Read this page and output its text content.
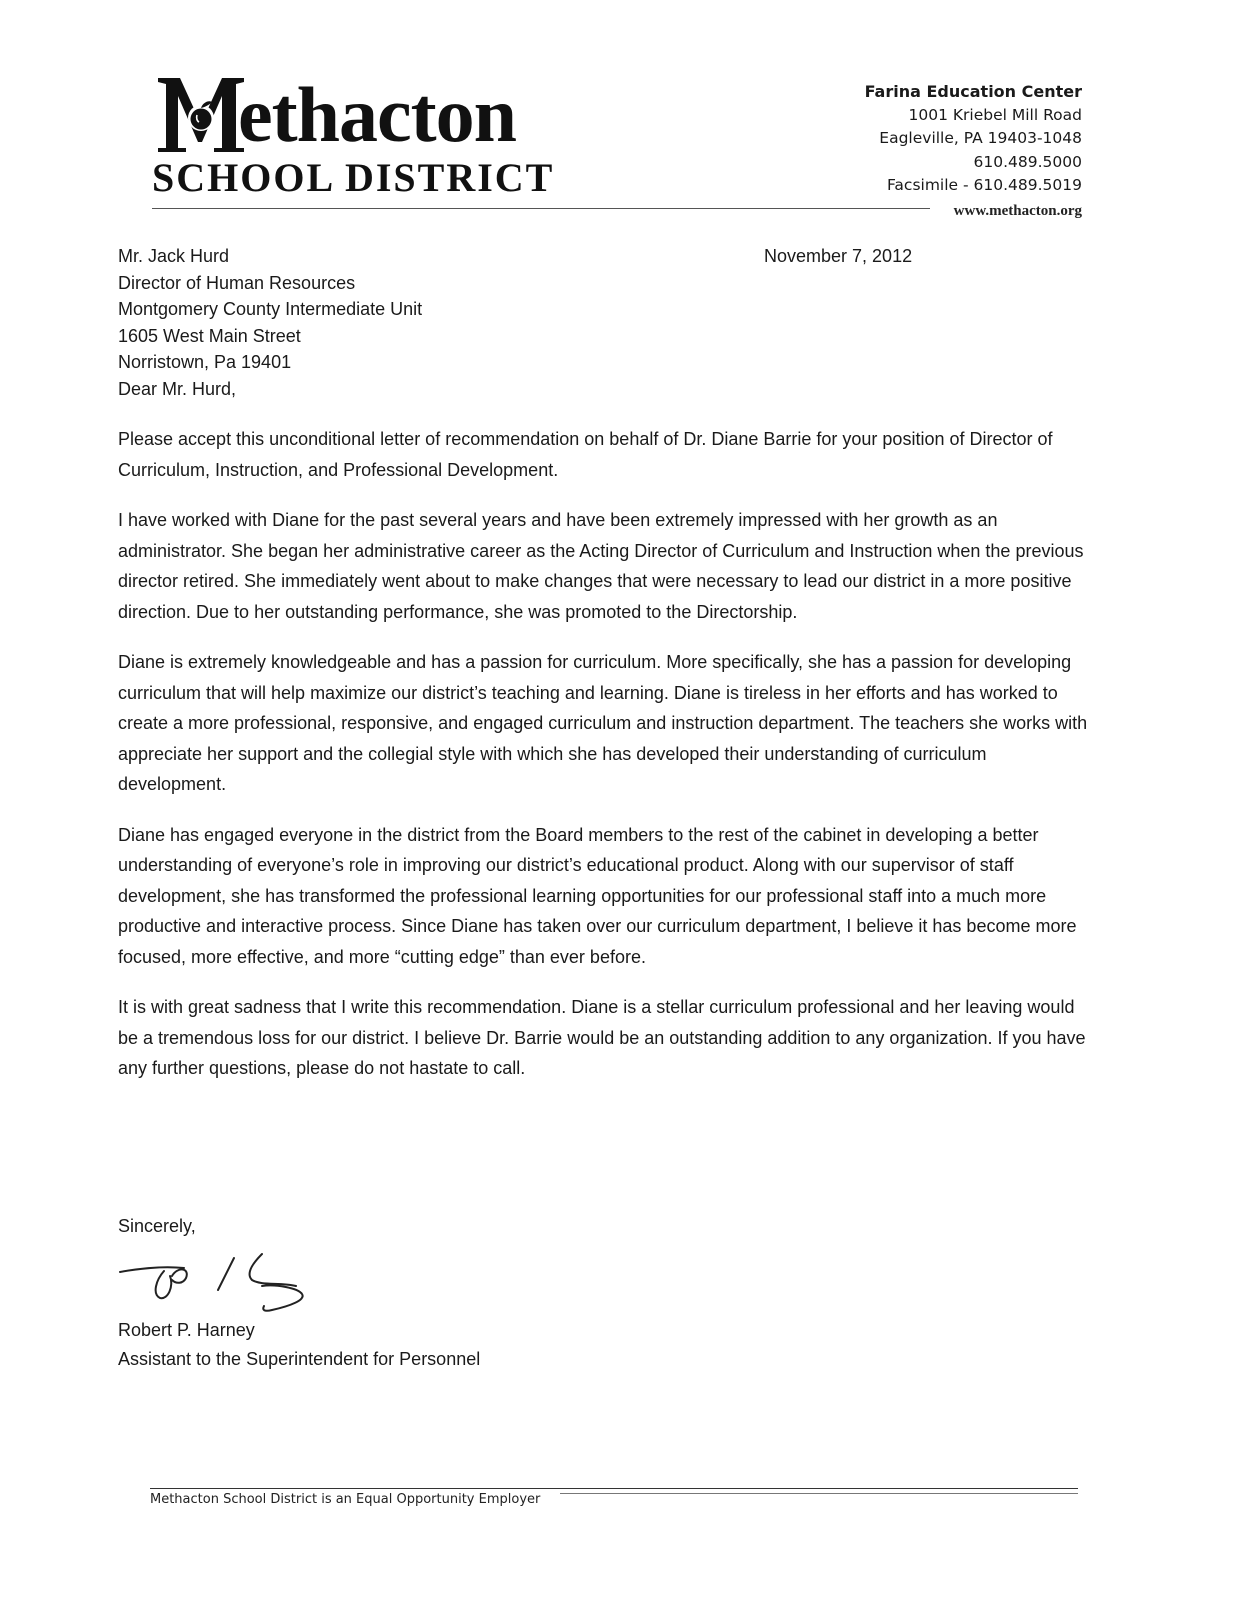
ethacton
SCHOOL DISTRICT
Farina Education Center
1001 Kriebel Mill Road
Eagleville, PA 19403-1048
610.489.5000
Facsimile - 610.489.5019
www.methacton.org
Mr. Jack Hurd
Director of Human Resources
Montgomery County Intermediate Unit
1605 West Main Street
Norristown, Pa 19401
Dear Mr. Hurd,
November 7, 2012

Please accept this unconditional letter of recommendation on behalf of Dr. Diane Barrie for your position of Director of Curriculum, Instruction, and Professional Development.

I have worked with Diane for the past several years and have been extremely impressed with her growth as an administrator. She began her administrative career as the Acting Director of Curriculum and Instruction when the previous director retired. She immediately went about to make changes that were necessary to lead our district in a more positive direction. Due to her outstanding performance, she was promoted to the Directorship.

Diane is extremely knowledgeable and has a passion for curriculum. More specifically, she has a passion for developing curriculum that will help maximize our district’s teaching and learning. Diane is tireless in her efforts and has worked to create a more professional, responsive, and engaged curriculum and instruction department. The teachers she works with appreciate her support and the collegial style with which she has developed their understanding of curriculum development.

Diane has engaged everyone in the district from the Board members to the rest of the cabinet in developing a better understanding of everyone’s role in improving our district’s educational product. Along with our supervisor of staff development, she has transformed the professional learning opportunities for our professional staff into a much more productive and interactive process. Since Diane has taken over our curriculum department, I believe it has become more focused, more effective, and more “cutting edge” than ever before.

It is with great sadness that I write this recommendation. Diane is a stellar curriculum professional and her leaving would be a tremendous loss for our district. I believe Dr. Barrie would be an outstanding addition to any organization. If you have any further questions, please do not hastate to call.

Sincerely,
Robert P. Harney
Assistant to the Superintendent for Personnel
Methacton School District is an Equal Opportunity Employer
